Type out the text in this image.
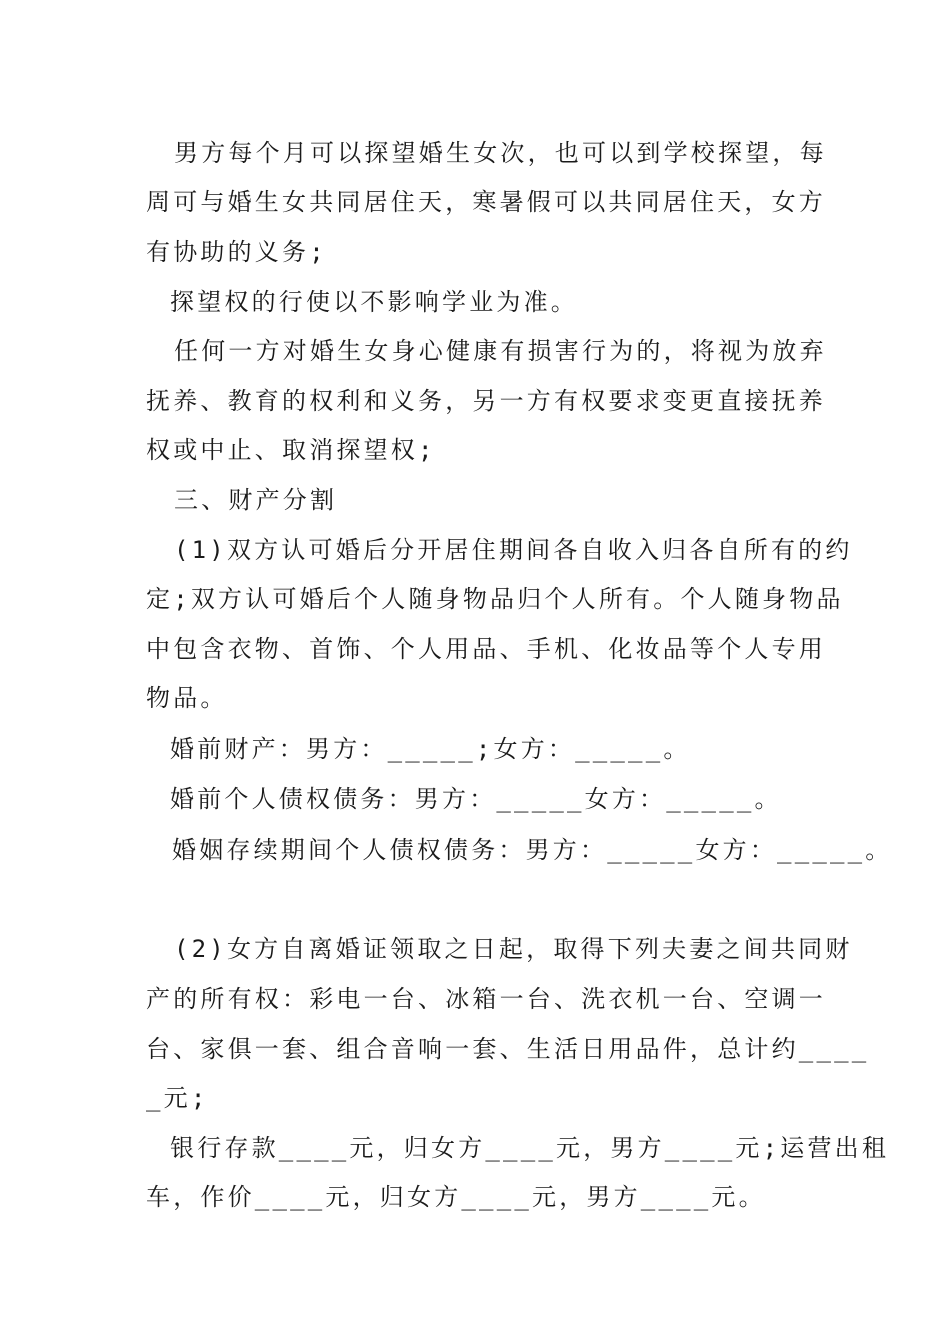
男方每个月可以探望婚生女次，也可以到学校探望，每
周可与婚生女共同居住天，寒暑假可以共同居住天，女方
有协助的义务;
探望权的行使以不影响学业为准。
任何一方对婚生女身心健康有损害行为的，将视为放弃
抚养、教育的权利和义务，另一方有权要求变更直接抚养
权或中止、取消探望权;
三、财产分割
(1)双方认可婚后分开居住期间各自收入归各自所有的约
定;双方认可婚后个人随身物品归个人所有。个人随身物品
中包含衣物、首饰、个人用品、手机、化妆品等个人专用
物品。
婚前财产：男方：_____;女方：_____。
婚前个人债权债务：男方：_____女方：_____。
婚姻存续期间个人债权债务：男方：_____女方：_____。
(2)女方自离婚证领取之日起，取得下列夫妻之间共同财
产的所有权：彩电一台、冰箱一台、洗衣机一台、空调一
台、家俱一套、组合音响一套、生活日用品件，总计约____
_元;
银行存款____元，归女方____元，男方____元;运营出租
车，作价____元，归女方____元，男方____元。
